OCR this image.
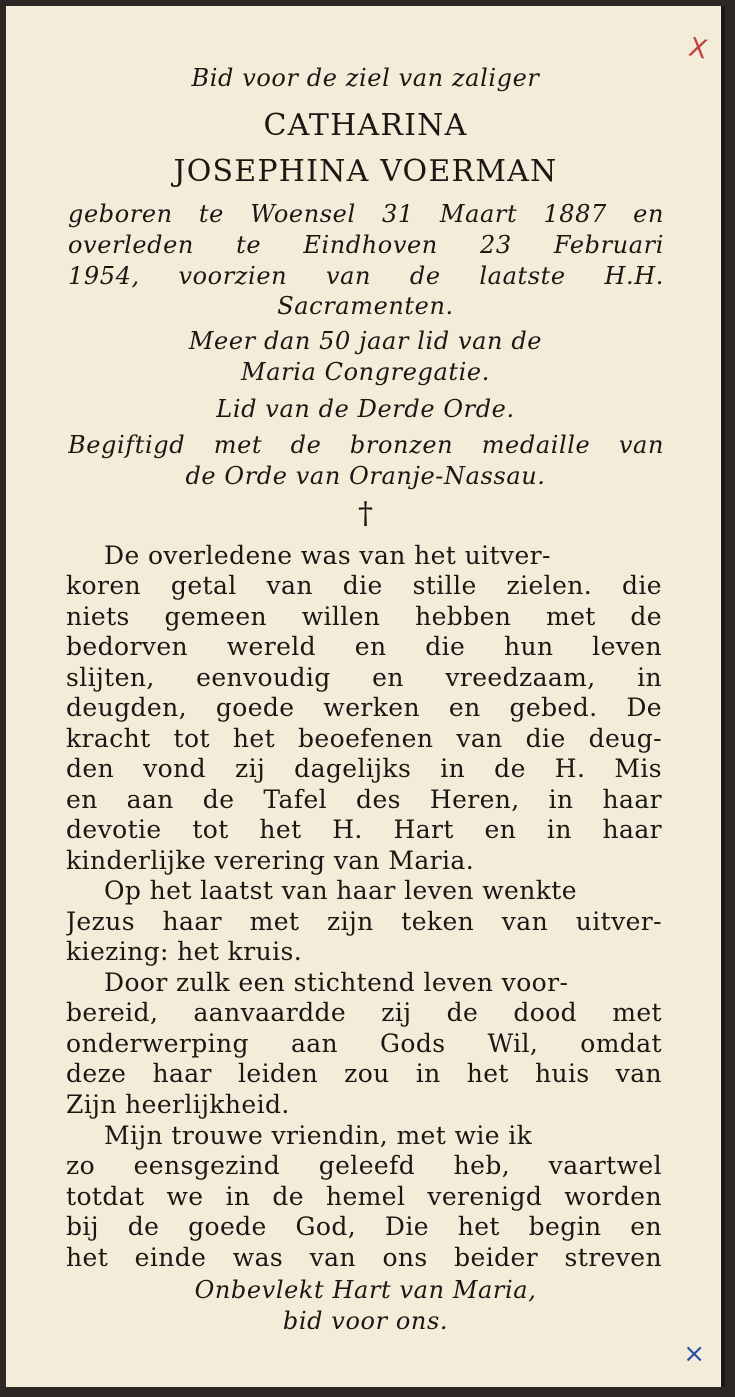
X
Bid voor de ziel van zaliger
CATHARINA
JOSEPHINA VOERMAN
geboren te Woensel 31 Maart 1887 en
overleden te Eindhoven 23 Februari
1954, voorzien van de laatste H.H.
Sacramenten.
Meer dan 50 jaar lid van de
Maria Congregatie.
Lid van de Derde Orde.
Begiftigd met de bronzen medaille van
de Orde van Oranje-Nassau.
†
De overledene was van het uitver-
koren getal van die stille zielen. die
niets gemeen willen hebben met de
bedorven wereld en die hun leven
slijten, eenvoudig en vreedzaam, in
deugden, goede werken en gebed. De
kracht tot het beoefenen van die deug-
den vond zij dagelijks in de H. Mis
en aan de Tafel des Heren, in haar
devotie tot het H. Hart en in haar
kinderlijke verering van Maria.
Op het laatst van haar leven wenkte
Jezus haar met zijn teken van uitver-
kiezing: het kruis.
Door zulk een stichtend leven voor-
bereid, aanvaardde zij de dood met
onderwerping aan Gods Wil, omdat
deze haar leiden zou in het huis van
Zijn heerlijkheid.
Mijn trouwe vriendin, met wie ik
zo eensgezind geleefd heb, vaartwel
totdat we in de hemel verenigd worden
bij de goede God, Die het begin en
het einde was van ons beider streven
Onbevlekt Hart van Maria,
bid voor ons.
×
